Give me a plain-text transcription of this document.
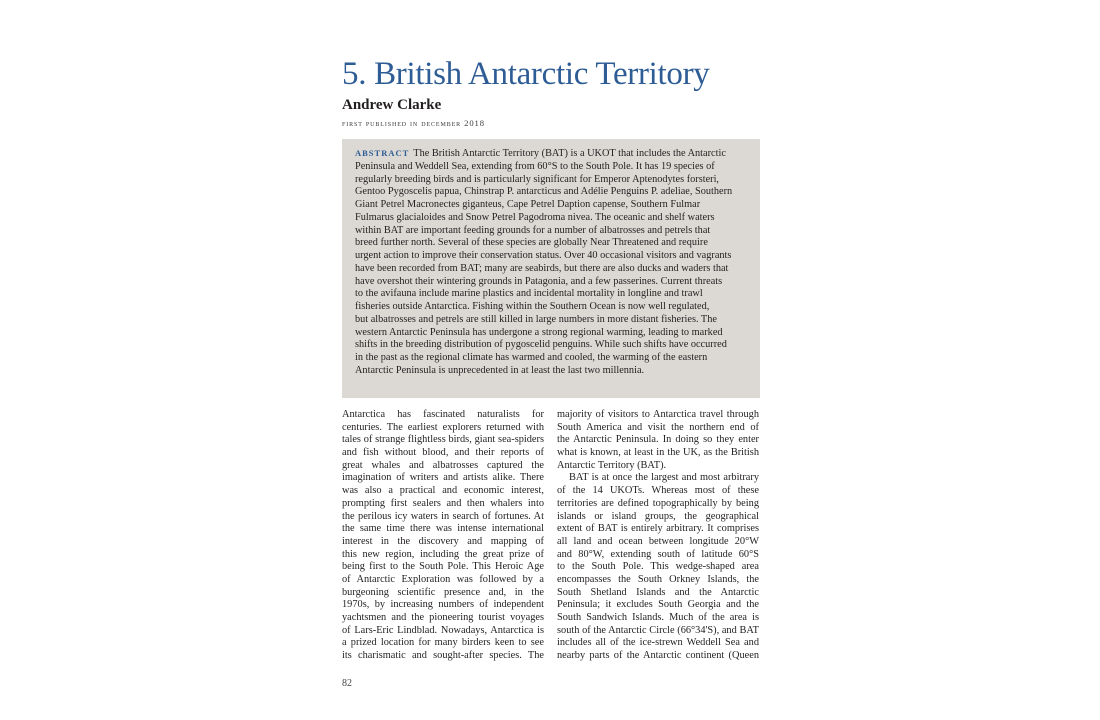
5. British Antarctic Territory
Andrew Clarke
first published in december 2018
ABSTRACT The British Antarctic Territory (BAT) is a UKOT that includes the Antarctic
Peninsula and Weddell Sea, extending from 60°S to the South Pole. It has 19 species of
regularly breeding birds and is particularly significant for Emperor Aptenodytes forsteri,
Gentoo Pygoscelis papua, Chinstrap P. antarcticus and Adélie Penguins P. adeliae, Southern
Giant Petrel Macronectes giganteus, Cape Petrel Daption capense, Southern Fulmar
Fulmarus glacialoides and Snow Petrel Pagodroma nivea. The oceanic and shelf waters
within BAT are important feeding grounds for a number of albatrosses and petrels that
breed further north. Several of these species are globally Near Threatened and require
urgent action to improve their conservation status. Over 40 occasional visitors and vagrants
have been recorded from BAT; many are seabirds, but there are also ducks and waders that
have overshot their wintering grounds in Patagonia, and a few passerines. Current threats
to the avifauna include marine plastics and incidental mortality in longline and trawl
fisheries outside Antarctica. Fishing within the Southern Ocean is now well regulated,
but albatrosses and petrels are still killed in large numbers in more distant fisheries. The
western Antarctic Peninsula has undergone a strong regional warming, leading to marked
shifts in the breeding distribution of pygoscelid penguins. While such shifts have occurred
in the past as the regional climate has warmed and cooled, the warming of the eastern
Antarctic Peninsula is unprecedented in at least the last two millennia.
Antarctica has fascinated naturalists for
centuries. The earliest explorers returned with
tales of strange flightless birds, giant sea-spiders
and fish without blood, and their reports of
great whales and albatrosses captured the
imagination of writers and artists alike. There
was also a practical and economic interest,
prompting first sealers and then whalers into
the perilous icy waters in search of fortunes. At
the same time there was intense international
interest in the discovery and mapping of
this new region, including the great prize of
being first to the South Pole. This Heroic Age
of Antarctic Exploration was followed by a
burgeoning scientific presence and, in the
1970s, by increasing numbers of independent
yachtsmen and the pioneering tourist voyages
of Lars-Eric Lindblad. Nowadays, Antarctica is
a prized location for many birders keen to see
its charismatic and sought-after species. The
majority of visitors to Antarctica travel through
South America and visit the northern end of
the Antarctic Peninsula. In doing so they enter
what is known, at least in the UK, as the British
Antarctic Territory (BAT).
BAT is at once the largest and most arbitrary
of the 14 UKOTs. Whereas most of these
territories are defined topographically by being
islands or island groups, the geographical
extent of BAT is entirely arbitrary. It comprises
all land and ocean between longitude 20°W
and 80°W, extending south of latitude 60°S
to the South Pole. This wedge-shaped area
encompasses the South Orkney Islands, the
South Shetland Islands and the Antarctic
Peninsula; it excludes South Georgia and the
South Sandwich Islands. Much of the area is
south of the Antarctic Circle (66°34'S), and BAT
includes all of the ice-strewn Weddell Sea and
nearby parts of the Antarctic continent (Queen
82
